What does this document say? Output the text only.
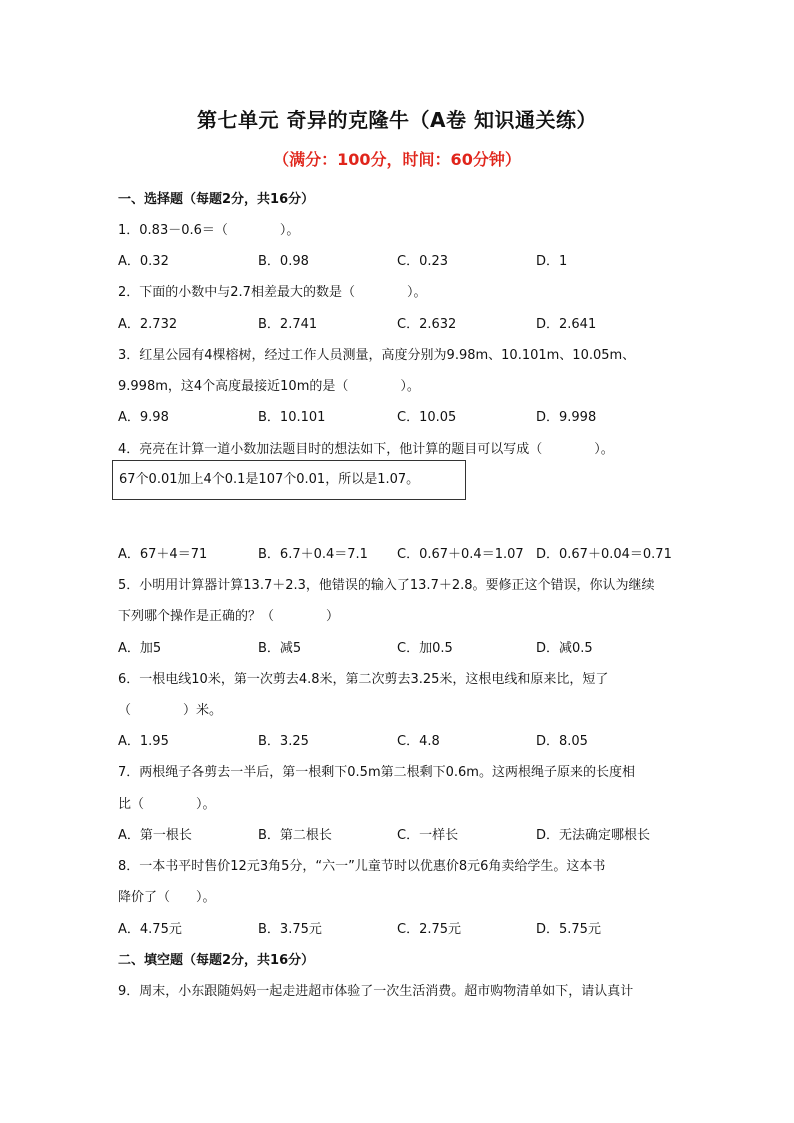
第七单元 奇异的克隆牛（A卷 知识通关练）
（满分：100分，时间：60分钟）
一、选择题（每题2分，共16分）
1．0.83－0.6＝（　　　　）。
A．0.32	B．0.98	C．0.23	D．1
2．下面的小数中与2.7相差最大的数是（　　　　）。
A．2.732	B．2.741	C．2.632	D．2.641
3．红星公园有4棵榕树，经过工作人员测量，高度分别为9.98m、10.101m、10.05m、
9.998m，这4个高度最接近10m的是（　　　　）。
A．9.98	B．10.101	C．10.05	D．9.998
4．亮亮在计算一道小数加法题目时的想法如下，他计算的题目可以写成（　　　　）。
67个0.01加上4个0.1是107个0.01，所以是1.07。
A．67＋4＝71	B．6.7＋0.4＝7.1 C．0.67＋0.4＝1.07 D．0.67＋0.04＝0.71
5．小明用计算器计算13.7＋2.3，他错误的输入了13.7＋2.8。要修正这个错误，你认为继续
下列哪个操作是正确的？（　　　　）
A．加5	B．减5	C．加0.5	D．减0.5
6．一根电线10米，第一次剪去4.8米，第二次剪去3.25米，这根电线和原来比，短了
（　　　　）米。
A．1.95	B．3.25	C．4.8	D．8.05
7．两根绳子各剪去一半后，第一根剩下0.5m第二根剩下0.6m。这两根绳子原来的长度相
比（　　　　）。
A．第一根长	B．第二根长	C．一样长	D．无法确定哪根长
8．一本书平时售价12元3角5分，“六一”儿童节时以优惠价8元6角卖给学生。这本书
降价了（　　）。
A．4.75元	B．3.75元	C．2.75元	D．5.75元
二、填空题（每题2分，共16分）
9．周末，小东跟随妈妈一起走进超市体验了一次生活消费。超市购物清单如下，请认真计
